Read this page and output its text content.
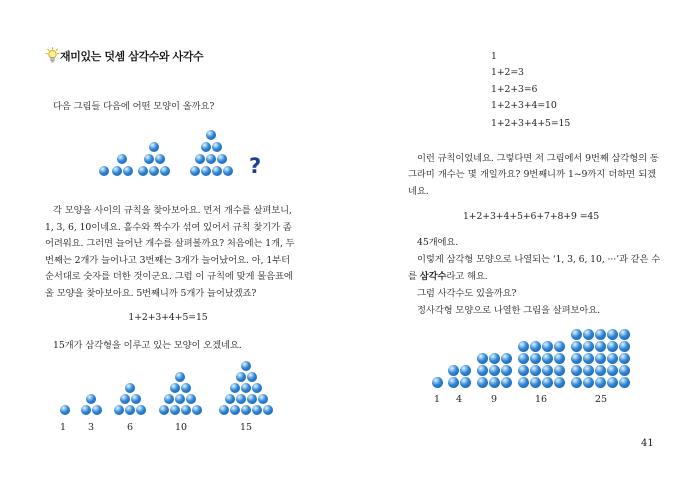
재미있는 덧셈 삼각수와 사각수
다음 그림들 다음에 어떤 모양이 올까요?
?
각 모양을 사이의 규칙을 찾아보아요. 먼저 개수를 살펴보니,
1, 3, 6, 10이네요. 홀수와 짝수가 섞여 있어서 규칙 찾기가 좀
어려워요. 그러면 늘어난 개수를 살펴볼까요? 처음에는 1개, 두
번째는 2개가 늘어나고 3번째는 3개가 늘어났어요. 아, 1부터
순서대로 숫자를 더한 것이군요. 그럼 이 규칙에 맞게 물음표에
올 모양을 찾아보아요. 5번째니까 5개가 늘어났겠죠?
1+2+3+4+5=15
15개가 삼각형을 이루고 있는 모양이 오겠네요.
1	3	6	10	15
1
1+2=3
1+2+3=6
1+2+3+4=10
1+2+3+4+5=15
이런 규칙이었네요. 그렇다면 저 그림에서 9번째 삼각형의 동
그라미 개수는 몇 개일까요? 9번째니까 1~9까지 더하면 되겠
네요.
1+2+3+4+5+6+7+8+9 =45
45개에요.
이렇게 삼각형 모양으로 나열되는 ‘1, 3, 6, 10, ···’과 같은 수
를 삼각수라고 해요.
그럼 사각수도 있을까요?
정사각형 모양으로 나열한 그림을 살펴보아요.
1	4	9	16	25
41
